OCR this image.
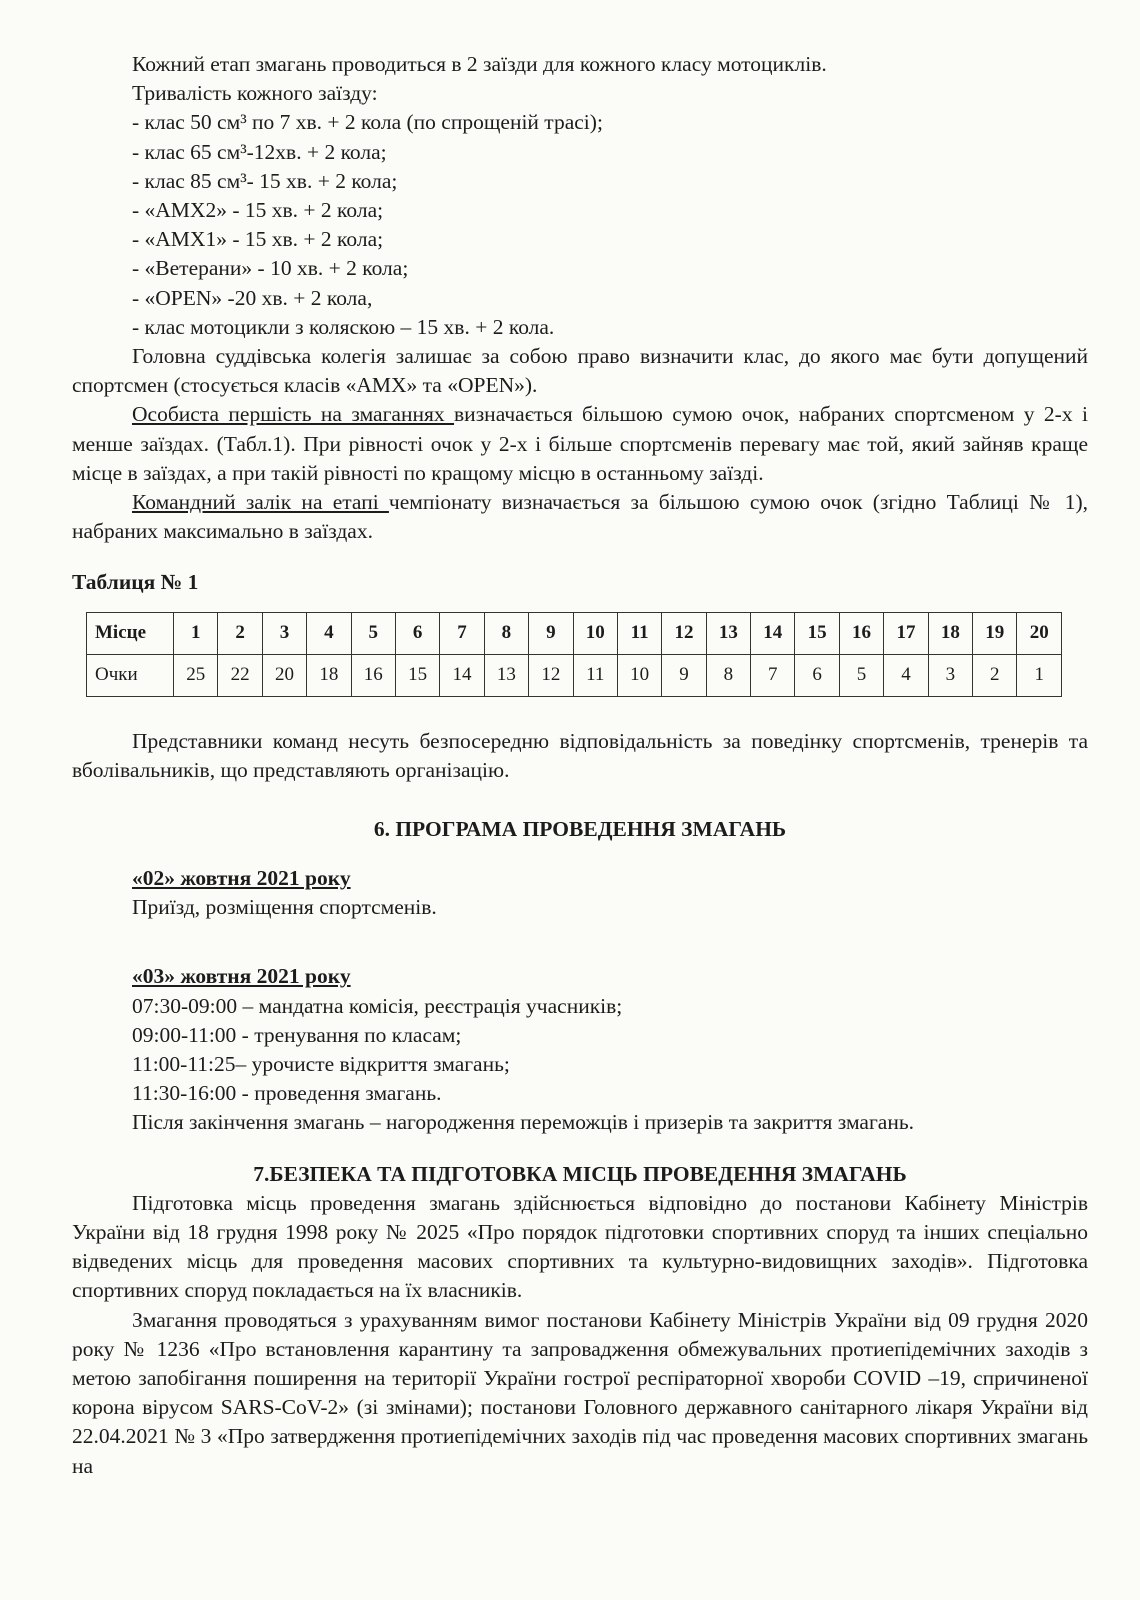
Кожний етап змагань проводиться в 2 заїзди для кожного класу мотоциклів.

Тривалість кожного заїзду:

- клас 50 см³ по 7 хв. + 2 кола (по спрощеній трасі);

- клас 65 см³-12хв. + 2 кола;

- клас 85 см³- 15 хв. + 2 кола;

- «АМХ2» - 15 хв. + 2 кола;

- «АМХ1» - 15 хв. + 2 кола;

- «Ветерани» - 10 хв. + 2 кола;

- «OPEN» -20 хв. + 2 кола,

- клас мотоцикли з коляскою – 15 хв. + 2 кола.

Головна суддівська колегія залишає за собою право визначити клас, до якого має бути допущений спортсмен (стосується класів «АМХ» та «OPEN»).

Особиста першість на змаганнях визначається більшою сумою очок, набраних спортсменом у 2-х і менше заїздах. (Табл.1). При рівності очок у 2-х і більше спортсменів перевагу має той, який зайняв краще місце в заїздах, а при такій рівності по кращому місцю в останньому заїзді.

Командний залік на етапі чемпіонату визначається за більшою сумою очок (згідно Таблиці № 1), набраних максимально в заїздах.

Таблиця № 1

Місце	1	2	3	4	5	6	7	8	9	10	11	12	13	14	15	16	17	18	19	20
Очки	25	22	20	18	16	15	14	13	12	11	10	9	8	7	6	5	4	3	2	1

Представники команд несуть безпосередню відповідальність за поведінку спортсменів, тренерів та вболівальників, що представляють організацію.

6. ПРОГРАМА ПРОВЕДЕННЯ ЗМАГАНЬ

«02» жовтня 2021 року

Приїзд, розміщення спортсменів.

«03» жовтня 2021 року

07:30-09:00 – мандатна комісія, реєстрація учасників;

09:00-11:00 - тренування по класам;

11:00-11:25– урочисте відкриття змагань;

11:30-16:00 - проведення змагань.

Після закінчення змагань – нагородження переможців і призерів та закриття змагань.

7.БЕЗПЕКА ТА ПІДГОТОВКА МІСЦЬ ПРОВЕДЕННЯ ЗМАГАНЬ

Підготовка місць проведення змагань здійснюється відповідно до постанови Кабінету Міністрів України від 18 грудня 1998 року № 2025 «Про порядок підготовки спортивних споруд та інших спеціально відведених місць для проведення масових спортивних та культурно-видовищних заходів». Підготовка спортивних споруд покладається на їх власників.

Змагання проводяться з урахуванням вимог постанови Кабінету Міністрів України від 09 грудня 2020 року № 1236 «Про встановлення карантину та запровадження обмежувальних протиепідемічних заходів з метою запобігання поширення на території України гострої респіраторної хвороби COVID –19, спричиненої корона вірусом SARS-CoV-2» (зі змінами); постанови Головного державного санітарного лікаря України від 22.04.2021 № 3 «Про затвердження протиепідемічних заходів під час проведення масових спортивних змагань на
